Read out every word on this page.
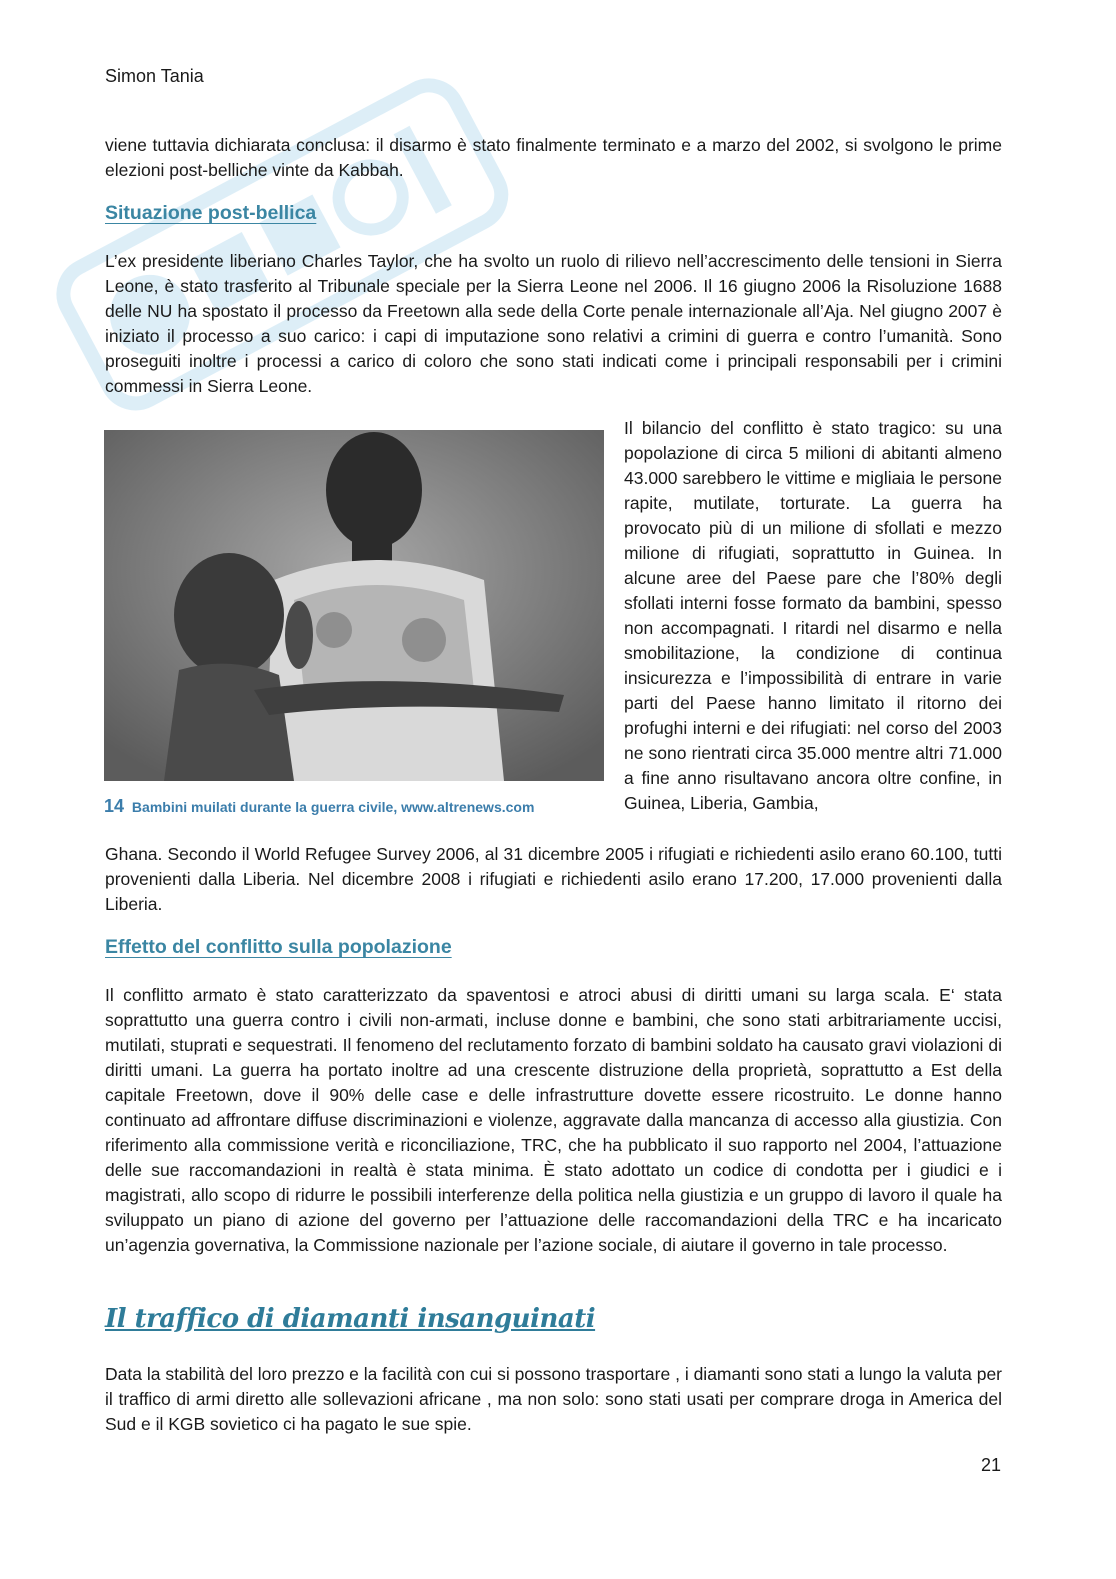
Simon Tania

viene tuttavia dichiarata conclusa: il disarmo è stato finalmente terminato e a marzo del 2002, si svolgono le prime elezioni post-belliche vinte da Kabbah.

Situazione post-bellica

L’ex presidente liberiano Charles Taylor, che ha svolto un ruolo di rilievo nell’accrescimento delle tensioni in Sierra Leone, è stato trasferito al Tribunale speciale per la Sierra Leone nel 2006. Il 16 giugno 2006 la Risoluzione 1688 delle NU ha spostato il processo da Freetown alla sede della Corte penale internazionale all’Aja. Nel giugno 2007 è iniziato il processo a suo carico: i capi di imputazione sono relativi a crimini di guerra e contro l’umanità. Sono proseguiti inoltre i processi a carico di coloro che sono stati indicati come i principali responsabili per i crimini commessi in Sierra Leone.

14 Bambini muilati durante la guerra civile, www.altrenews.com

Il bilancio del conflitto è stato tragico: su una popolazione di circa 5 milioni di abitanti almeno 43.000 sarebbero le vittime e migliaia le persone rapite, mutilate, torturate. La guerra ha provocato più di un milione di sfollati e mezzo milione di rifugiati, soprattutto in Guinea. In alcune aree del Paese pare che l’80% degli sfollati interni fosse formato da bambini, spesso non accompagnati. I ritardi nel disarmo e nella smobilitazione, la condizione di continua insicurezza e l’impossibilità di entrare in varie parti del Paese hanno limitato il ritorno dei profughi interni e dei rifugiati: nel corso del 2003 ne sono rientrati circa 35.000 mentre altri 71.000 a fine anno risultavano ancora oltre confine, in Guinea, Liberia, Gambia,

Ghana. Secondo il World Refugee Survey 2006, al 31 dicembre 2005 i rifugiati e richiedenti asilo erano 60.100, tutti provenienti dalla Liberia. Nel dicembre 2008 i rifugiati e richiedenti asilo erano 17.200, 17.000 provenienti dalla Liberia.

Effetto del conflitto sulla popolazione

Il conflitto armato è stato caratterizzato da spaventosi e atroci abusi di diritti umani su larga scala. E‘ stata soprattutto una guerra contro i civili non-armati, incluse donne e bambini, che sono stati arbitrariamente uccisi, mutilati, stuprati e sequestrati. Il fenomeno del reclutamento forzato di bambini soldato ha causato gravi violazioni di diritti umani. La guerra ha portato inoltre ad una crescente distruzione della proprietà, soprattutto a Est della capitale Freetown, dove il 90% delle case e delle infrastrutture dovette essere ricostruito. Le donne hanno continuato ad affrontare diffuse discriminazioni e violenze, aggravate dalla mancanza di accesso alla giustizia. Con riferimento alla commissione verità e riconciliazione, TRC, che ha pubblicato il suo rapporto nel 2004, l’attuazione delle sue raccomandazioni in realtà è stata minima. È stato adottato un codice di condotta per i giudici e i magistrati, allo scopo di ridurre le possibili interferenze della politica nella giustizia e un gruppo di lavoro il quale ha sviluppato un piano di azione del governo per l’attuazione delle raccomandazioni della TRC e ha incaricato un’agenzia governativa, la Commissione nazionale per l’azione sociale, di aiutare il governo in tale processo.

Il traffico di diamanti insanguinati

Data la stabilità del loro prezzo e la facilità con cui si possono trasportare , i diamanti sono stati a lungo la valuta per il traffico di armi diretto alle sollevazioni africane , ma non solo: sono stati usati per comprare droga in America del Sud e il KGB sovietico ci ha pagato le sue spie.

21
